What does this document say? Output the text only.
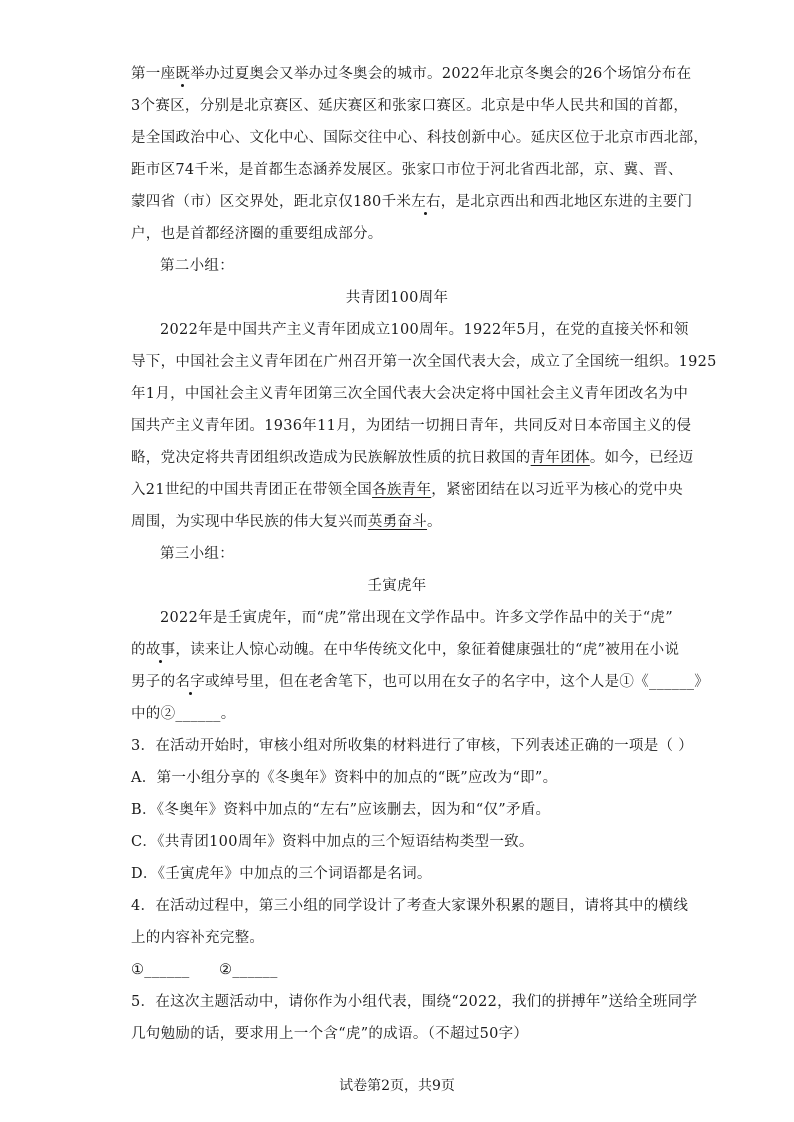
第一座既举办过夏奥会又举办过冬奥会的城市。2022年北京冬奥会的26个场馆分布在
3个赛区，分别是北京赛区、延庆赛区和张家口赛区。北京是中华人民共和国的首都，
是全国政治中心、文化中心、国际交往中心、科技创新中心。延庆区位于北京市西北部，
距市区74千米，是首都生态涵养发展区。张家口市位于河北省西北部，京、冀、晋、
蒙四省（市）区交界处，距北京仅180千米左右，是北京西出和西北地区东进的主要门
户，也是首都经济圈的重要组成部分。
第二小组：
共青团100周年
2022年是中国共产主义青年团成立100周年。1922年5月，在党的直接关怀和领
导下，中国社会主义青年团在广州召开第一次全国代表大会，成立了全国统一组织。1925
年1月，中国社会主义青年团第三次全国代表大会决定将中国社会主义青年团改名为中
国共产主义青年团。1936年11月，为团结一切拥日青年，共同反对日本帝国主义的侵
略，党决定将共青团组织改造成为民族解放性质的抗日救国的青年团体。如今，已经迈
入21世纪的中国共青团正在带领全国各族青年，紧密团结在以习近平为核心的党中央
周围，为实现中华民族的伟大复兴而英勇奋斗。
第三小组：
壬寅虎年
2022年是壬寅虎年，而“虎”常出现在文学作品中。许多文学作品中的关于“虎”
的故事，读来让人惊心动魄。在中华传统文化中，象征着健康强壮的“虎”被用在小说
男子的名字或绰号里，但在老舍笔下，也可以用在女子的名字中，这个人是①《______》
中的②______。
3．在活动开始时，审核小组对所收集的材料进行了审核，下列表述正确的一项是（ ）
A．第一小组分享的《冬奥年》资料中的加点的“既”应改为“即”。
B．《冬奥年》资料中加点的“左右”应该删去，因为和“仅”矛盾。
C．《共青团100周年》资料中加点的三个短语结构类型一致。
D．《壬寅虎年》中加点的三个词语都是名词。
4．在活动过程中，第三小组的同学设计了考查大家课外积累的题目，请将其中的横线
上的内容补充完整。
①______      ②______
5．在这次主题活动中，请你作为小组代表，围绕“2022，我们的拼搏年”送给全班同学
几句勉励的话，要求用上一个含“虎”的成语。（不超过50字）
试卷第2页，共9页
